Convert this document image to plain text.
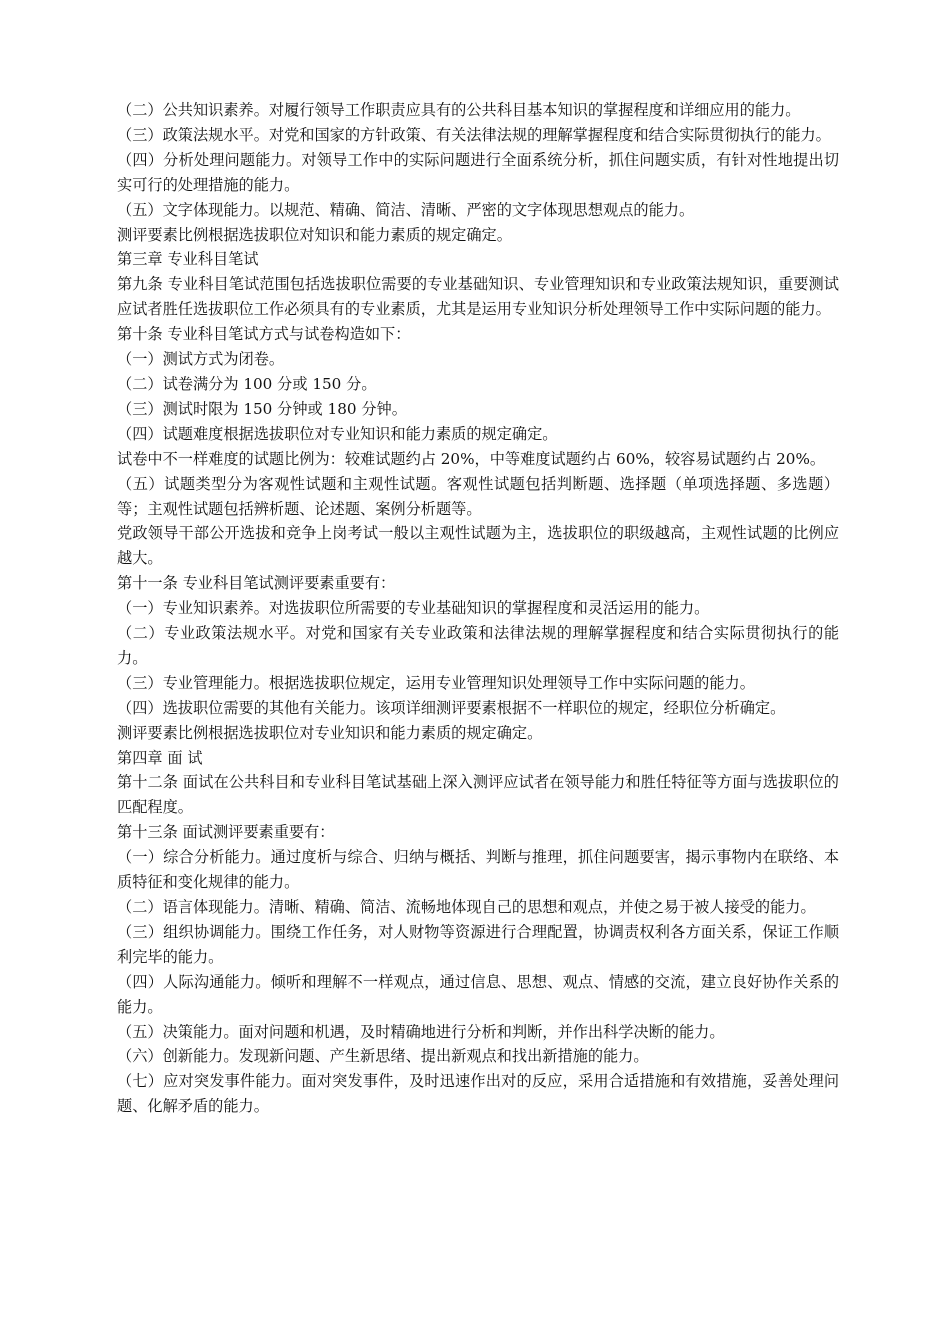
（二）公共知识素养。对履行领导工作职责应具有的公共科目基本知识的掌握程度和详细应用的能力。

（三）政策法规水平。对党和国家的方针政策、有关法律法规的理解掌握程度和结合实际贯彻执行的能力。

（四）分析处理问题能力。对领导工作中的实际问题进行全面系统分析，抓住问题实质，有针对性地提出切实可行的处理措施的能力。

（五）文字体现能力。以规范、精确、简洁、清晰、严密的文字体现思想观点的能力。

测评要素比例根据选拔职位对知识和能力素质的规定确定。

第三章 专业科目笔试

第九条 专业科目笔试范围包括选拔职位需要的专业基础知识、专业管理知识和专业政策法规知识，重要测试应试者胜任选拔职位工作必须具有的专业素质，尤其是运用专业知识分析处理领导工作中实际问题的能力。

第十条 专业科目笔试方式与试卷构造如下：

（一）测试方式为闭卷。

（二）试卷满分为 100 分或 150 分。

（三）测试时限为 150 分钟或 180 分钟。

（四）试题难度根据选拔职位对专业知识和能力素质的规定确定。

试卷中不一样难度的试题比例为：较难试题约占 20%，中等难度试题约占 60%，较容易试题约占 20%。

（五）试题类型分为客观性试题和主观性试题。客观性试题包括判断题、选择题（单项选择题、多选题）等；主观性试题包括辨析题、论述题、案例分析题等。

党政领导干部公开选拔和竞争上岗考试一般以主观性试题为主，选拔职位的职级越高，主观性试题的比例应越大。

第十一条 专业科目笔试测评要素重要有：

（一）专业知识素养。对选拔职位所需要的专业基础知识的掌握程度和灵活运用的能力。

（二）专业政策法规水平。对党和国家有关专业政策和法律法规的理解掌握程度和结合实际贯彻执行的能力。

（三）专业管理能力。根据选拔职位规定，运用专业管理知识处理领导工作中实际问题的能力。

（四）选拔职位需要的其他有关能力。该项详细测评要素根据不一样职位的规定，经职位分析确定。

测评要素比例根据选拔职位对专业知识和能力素质的规定确定。

第四章 面 试

第十二条 面试在公共科目和专业科目笔试基础上深入测评应试者在领导能力和胜任特征等方面与选拔职位的匹配程度。

第十三条 面试测评要素重要有：

（一）综合分析能力。通过度析与综合、归纳与概括、判断与推理，抓住问题要害，揭示事物内在联络、本质特征和变化规律的能力。

（二）语言体现能力。清晰、精确、简洁、流畅地体现自己的思想和观点，并使之易于被人接受的能力。

（三）组织协调能力。围绕工作任务，对人财物等资源进行合理配置，协调责权利各方面关系，保证工作顺利完毕的能力。

（四）人际沟通能力。倾听和理解不一样观点，通过信息、思想、观点、情感的交流，建立良好协作关系的能力。

（五）决策能力。面对问题和机遇，及时精确地进行分析和判断，并作出科学决断的能力。

（六）创新能力。发现新问题、产生新思绪、提出新观点和找出新措施的能力。

（七）应对突发事件能力。面对突发事件，及时迅速作出对的反应，采用合适措施和有效措施，妥善处理问题、化解矛盾的能力。
